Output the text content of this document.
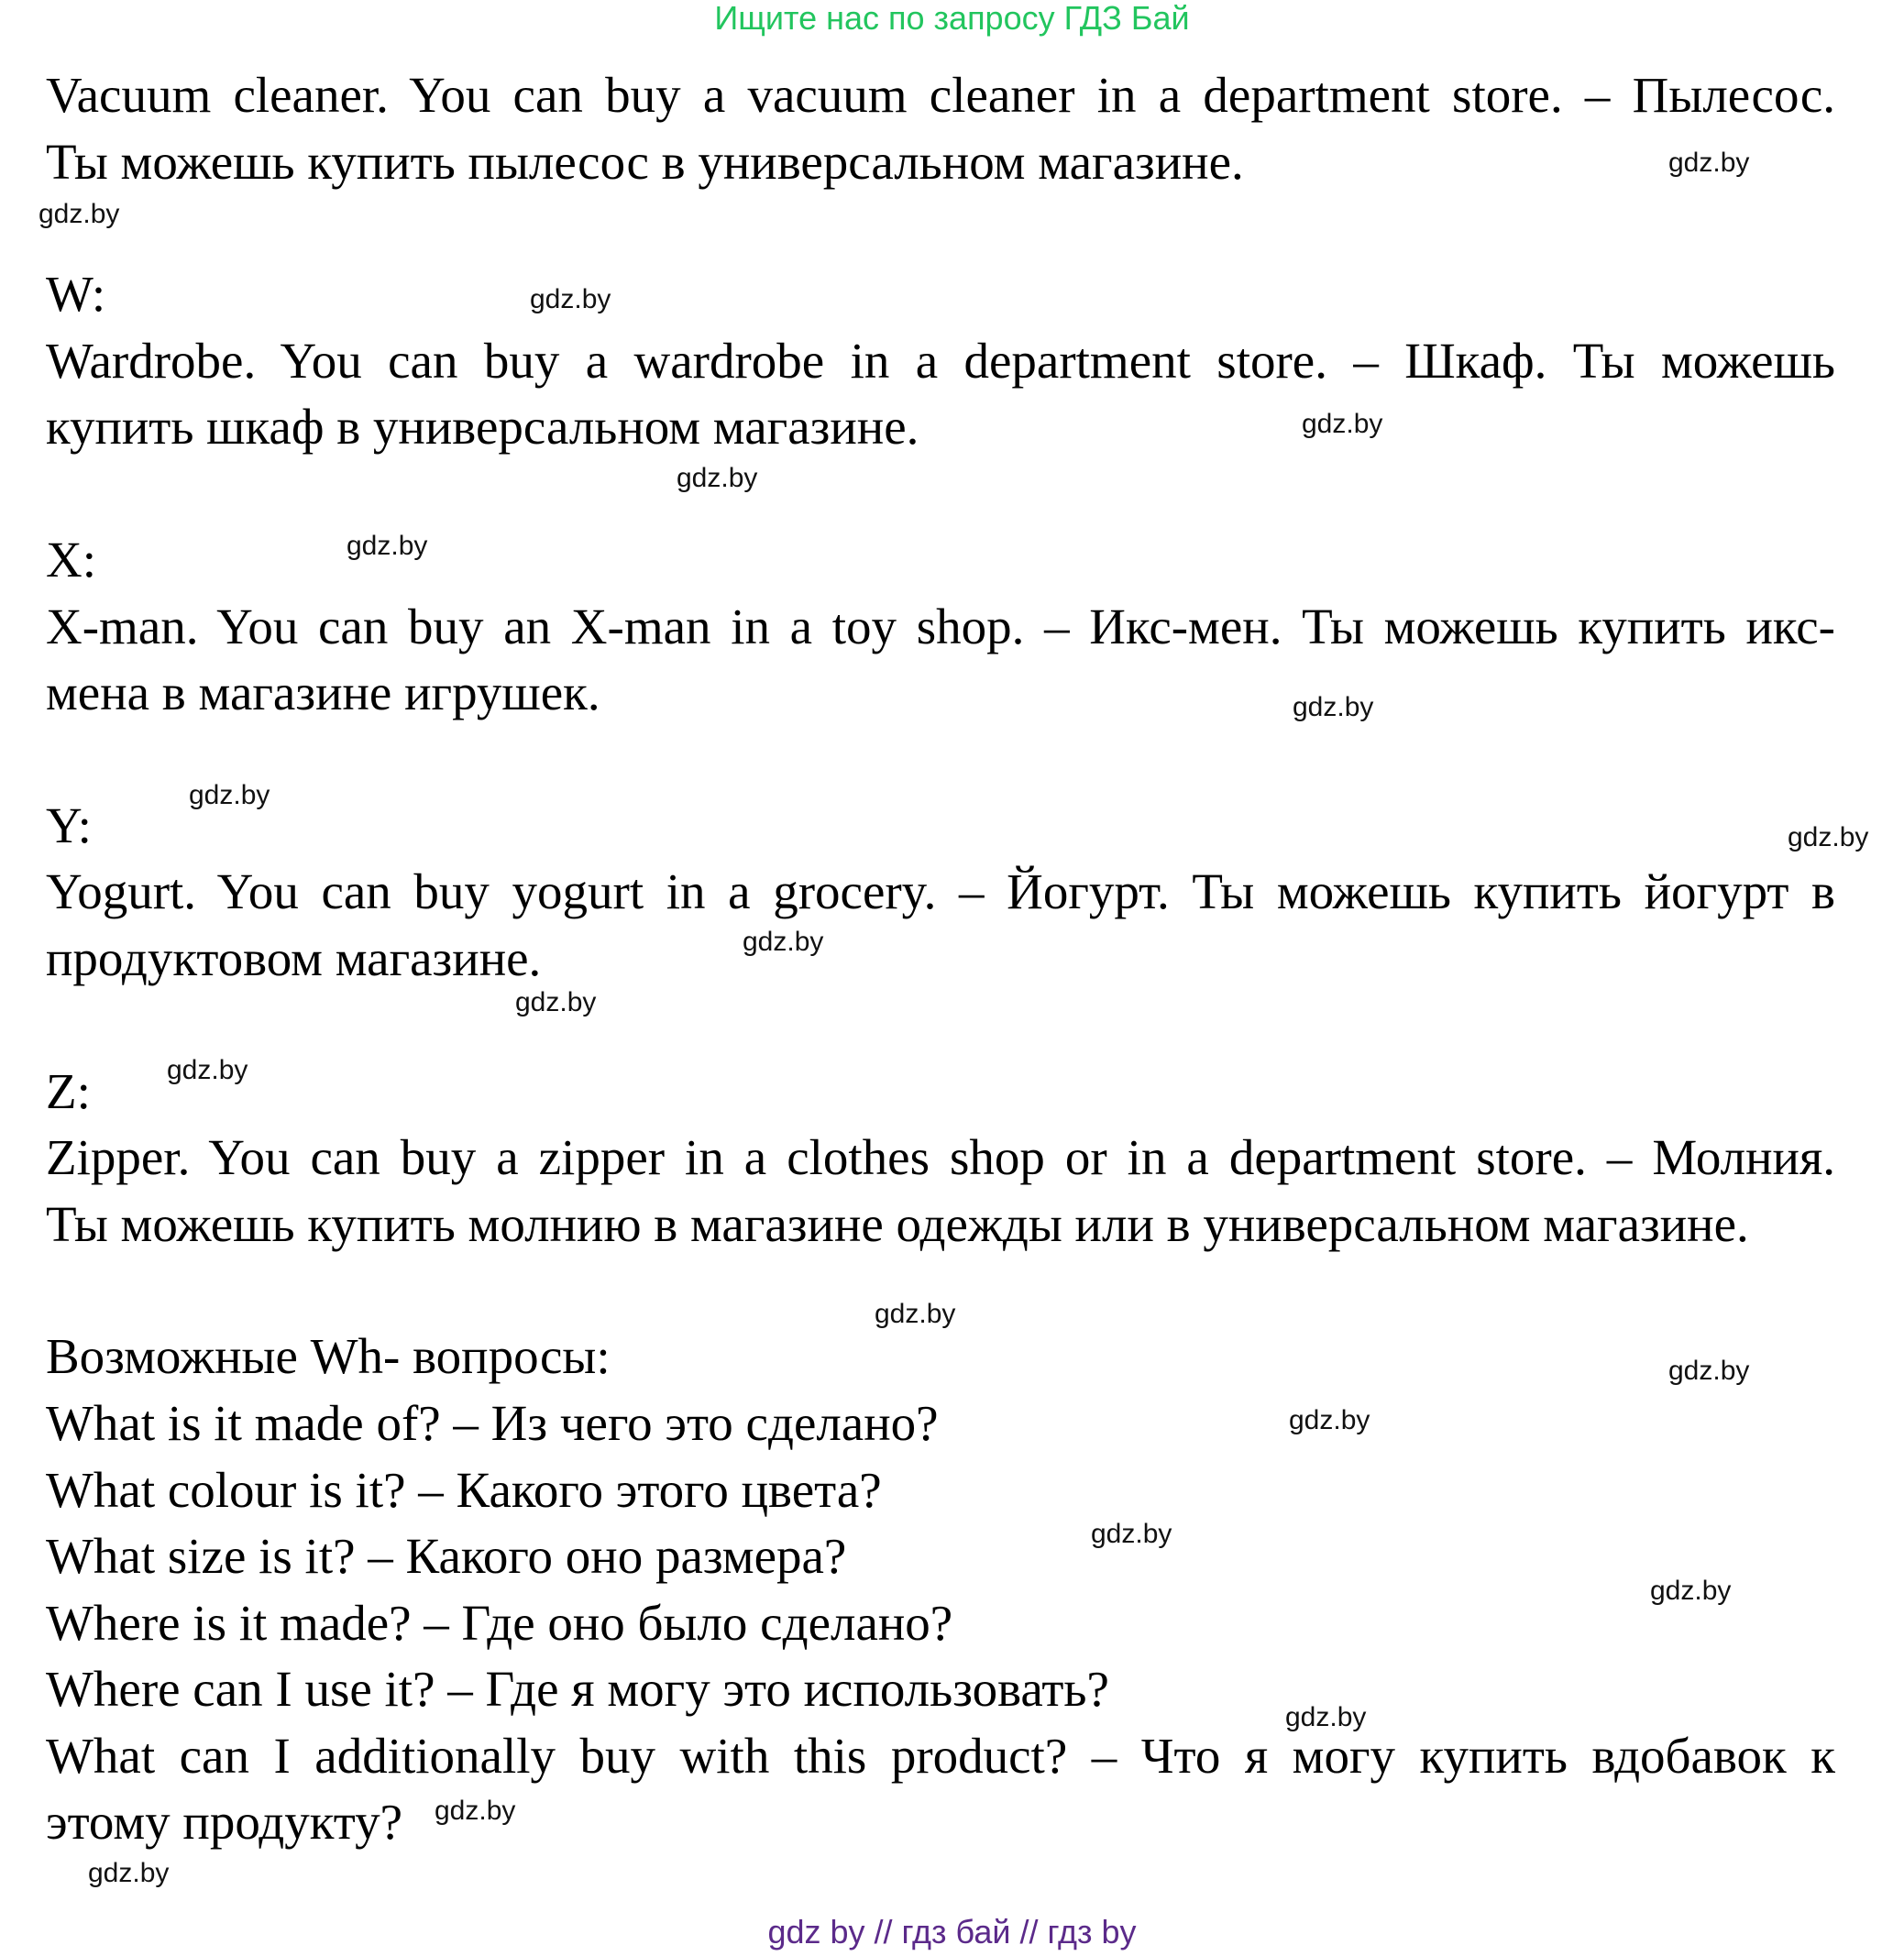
Ищите нас по запросу ГДЗ Бай
Vacuum cleaner. You can buy a vacuum cleaner in a department store. – Пылесос.
Ты можешь купить пылесос в универсальном магазине.
W:
Wardrobe. You can buy a wardrobe in a department store. – Шкаф. Ты можешь
купить шкаф в универсальном магазине.
X:
X-man. You can buy an X-man in a toy shop. – Икс-мен. Ты можешь купить икс-
мена в магазине игрушек.
Y:
Yogurt. You can buy yogurt in a grocery. – Йогурт. Ты можешь купить йогурт в
продуктовом магазине.
Z:
Zipper. You can buy a zipper in a clothes shop or in a department store. – Молния.
Ты можешь купить молнию в магазине одежды или в универсальном магазине.
Возможные Wh- вопросы:
What is it made of? – Из чего это сделано?
What colour is it? – Какого этого цвета?
What size is it? – Какого оно размера?
Where is it made? – Где оно было сделано?
Where can I use it? – Где я могу это использовать?
What can I additionally buy with this product? – Что я могу купить вдобавок к
этому продукту?
gdz.by
gdz.by
gdz.by
gdz.by
gdz.by
gdz.by
gdz.by
gdz.by
gdz.by
gdz.by
gdz.by
gdz.by
gdz.by
gdz.by
gdz.by
gdz.by
gdz.by
gdz.by
gdz.by
gdz.by
gdz by // гдз бай // гдз by
